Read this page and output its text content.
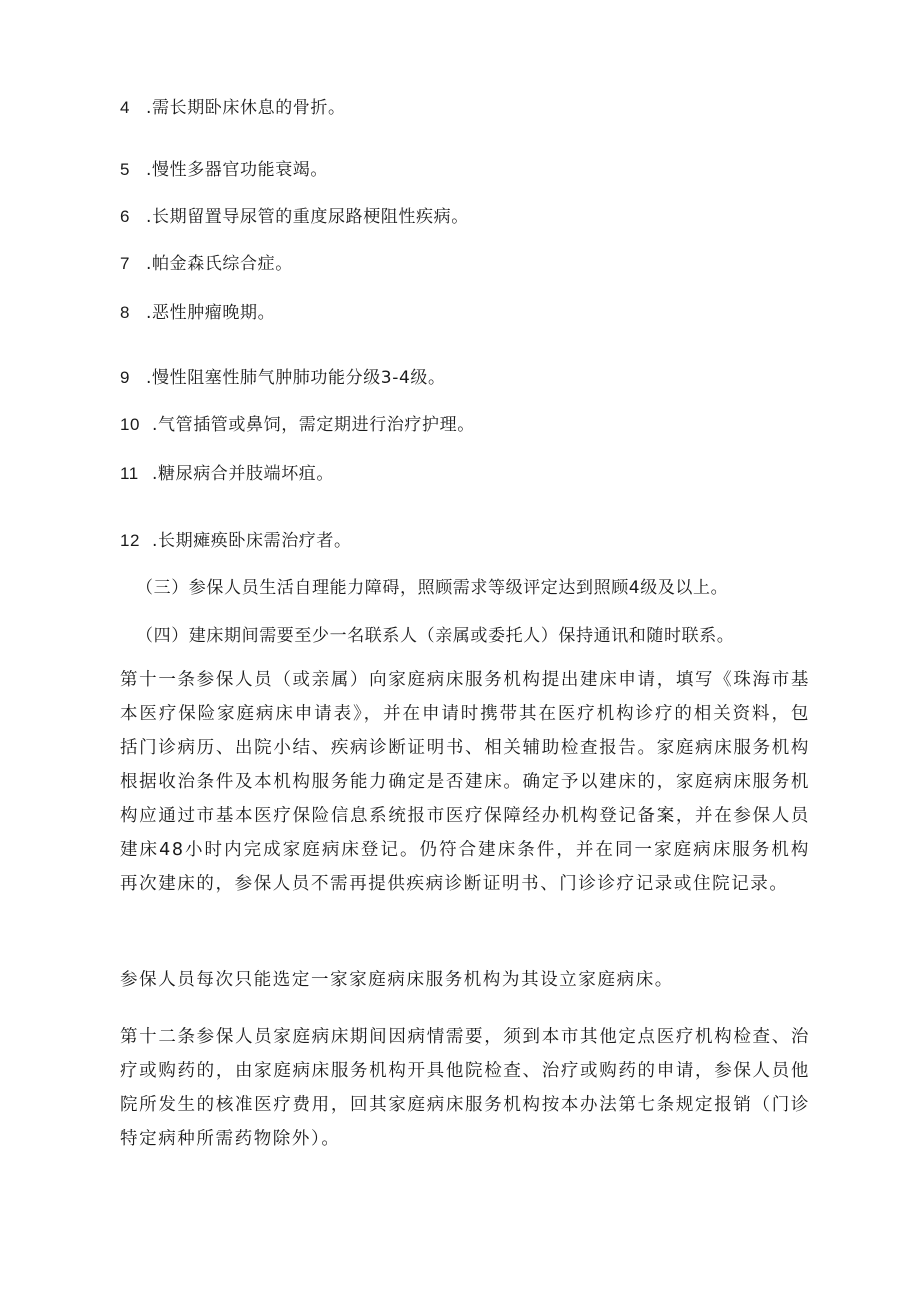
4 .需长期卧床休息的骨折。
5 .慢性多器官功能衰竭。
6 .长期留置导尿管的重度尿路梗阻性疾病。
7 .帕金森氏综合症。
8 .恶性肿瘤晚期。
9 .慢性阻塞性肺气肿肺功能分级3-4级。
10 .气管插管或鼻饲，需定期进行治疗护理。
11 .糖尿病合并肢端坏疽。
12 .长期瘫痪卧床需治疗者。
（三）参保人员生活自理能力障碍，照顾需求等级评定达到照顾4级及以上。
（四）建床期间需要至少一名联系人（亲属或委托人）保持通讯和随时联系。
第十一条参保人员（或亲属）向家庭病床服务机构提出建床申请，填写《珠海市基本医疗保险家庭病床申请表》，并在申请时携带其在医疗机构诊疗的相关资料，包括门诊病历、出院小结、疾病诊断证明书、相关辅助检查报告。家庭病床服务机构根据收治条件及本机构服务能力确定是否建床。确定予以建床的，家庭病床服务机构应通过市基本医疗保险信息系统报市医疗保障经办机构登记备案，并在参保人员建床48小时内完成家庭病床登记。仍符合建床条件，并在同一家庭病床服务机构再次建床的，参保人员不需再提供疾病诊断证明书、门诊诊疗记录或住院记录。
参保人员每次只能选定一家家庭病床服务机构为其设立家庭病床。
第十二条参保人员家庭病床期间因病情需要，须到本市其他定点医疗机构检查、治疗或购药的，由家庭病床服务机构开具他院检查、治疗或购药的申请，参保人员他院所发生的核准医疗费用，回其家庭病床服务机构按本办法第七条规定报销（门诊特定病种所需药物除外）。
